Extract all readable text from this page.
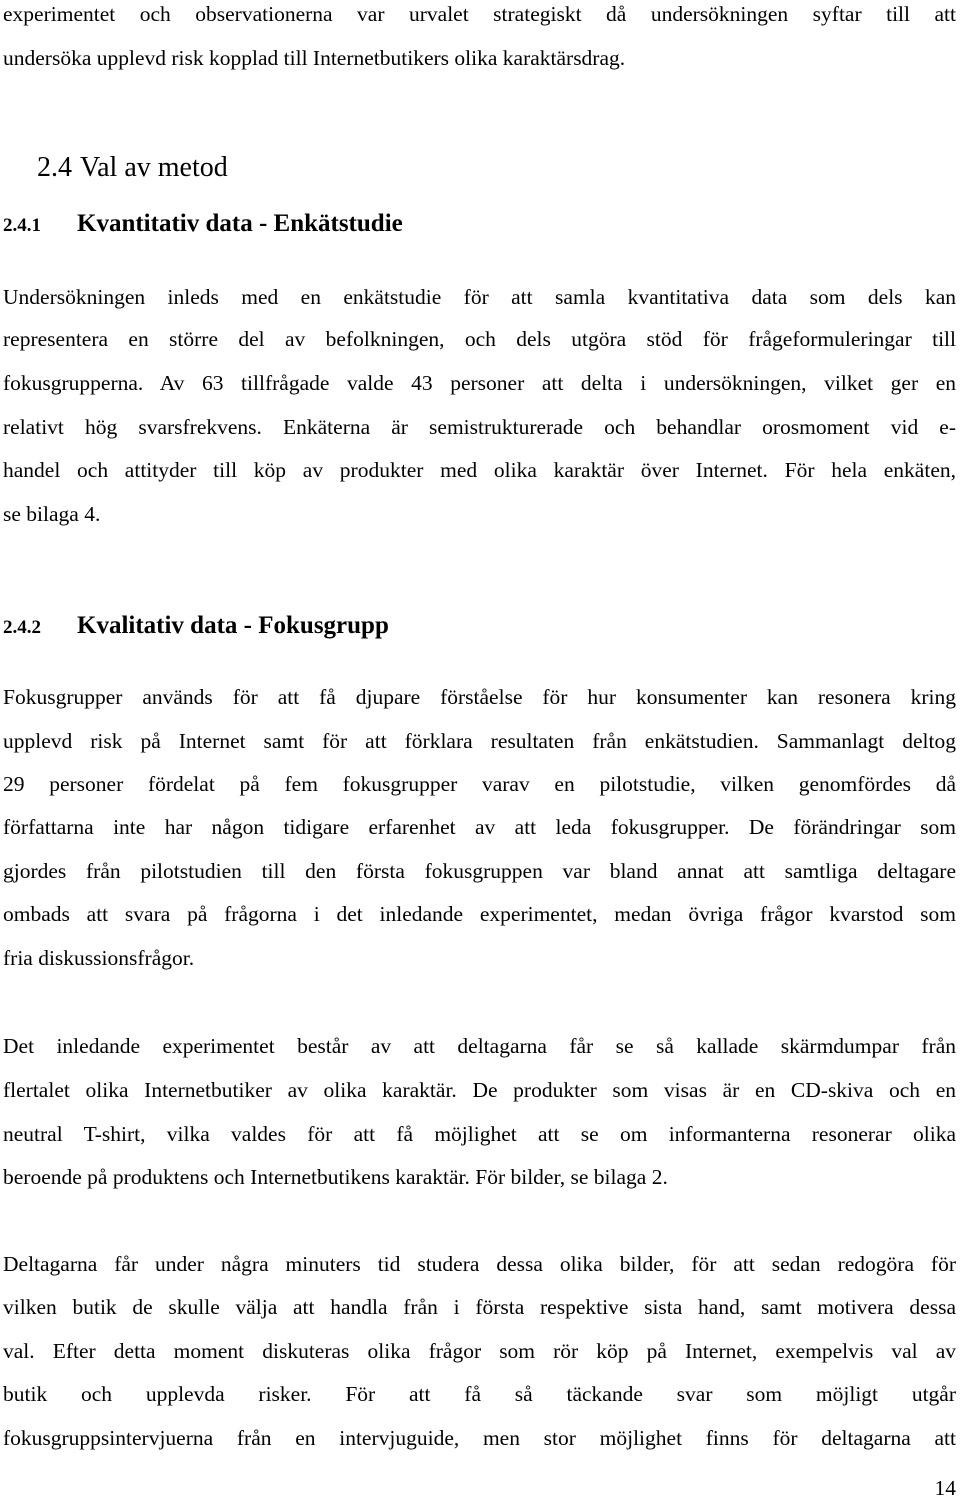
experimentet och observationerna var urvalet strategiskt då undersökningen syftar till att
undersöka upplevd risk kopplad till Internetbutikers olika karaktärsdrag.
2.4 Val av metod
2.4.1 Kvantitativ data - Enkätstudie
Undersökningen inleds med en enkätstudie för att samla kvantitativa data som dels kan
representera en större del av befolkningen, och dels utgöra stöd för frågeformuleringar till
fokusgrupperna. Av 63 tillfrågade valde 43 personer att delta i undersökningen, vilket ger en
relativt hög svarsfrekvens. Enkäterna är semistrukturerade och behandlar orosmoment vid e-
handel och attityder till köp av produkter med olika karaktär över Internet. För hela enkäten,
se bilaga 4.
2.4.2 Kvalitativ data - Fokusgrupp
Fokusgrupper används för att få djupare förståelse för hur konsumenter kan resonera kring
upplevd risk på Internet samt för att förklara resultaten från enkätstudien. Sammanlagt deltog
29 personer fördelat på fem fokusgrupper varav en pilotstudie, vilken genomfördes då
författarna inte har någon tidigare erfarenhet av att leda fokusgrupper. De förändringar som
gjordes från pilotstudien till den första fokusgruppen var bland annat att samtliga deltagare
ombads att svara på frågorna i det inledande experimentet, medan övriga frågor kvarstod som
fria diskussionsfrågor.
Det inledande experimentet består av att deltagarna får se så kallade skärmdumpar från
flertalet olika Internetbutiker av olika karaktär. De produkter som visas är en CD-skiva och en
neutral T-shirt, vilka valdes för att få möjlighet att se om informanterna resonerar olika
beroende på produktens och Internetbutikens karaktär. För bilder, se bilaga 2.
Deltagarna får under några minuters tid studera dessa olika bilder, för att sedan redogöra för
vilken butik de skulle välja att handla från i första respektive sista hand, samt motivera dessa
val. Efter detta moment diskuteras olika frågor som rör köp på Internet, exempelvis val av
butik och upplevda risker. För att få så täckande svar som möjligt utgår
fokusgruppsintervjuerna från en intervjuguide, men stor möjlighet finns för deltagarna att
14
